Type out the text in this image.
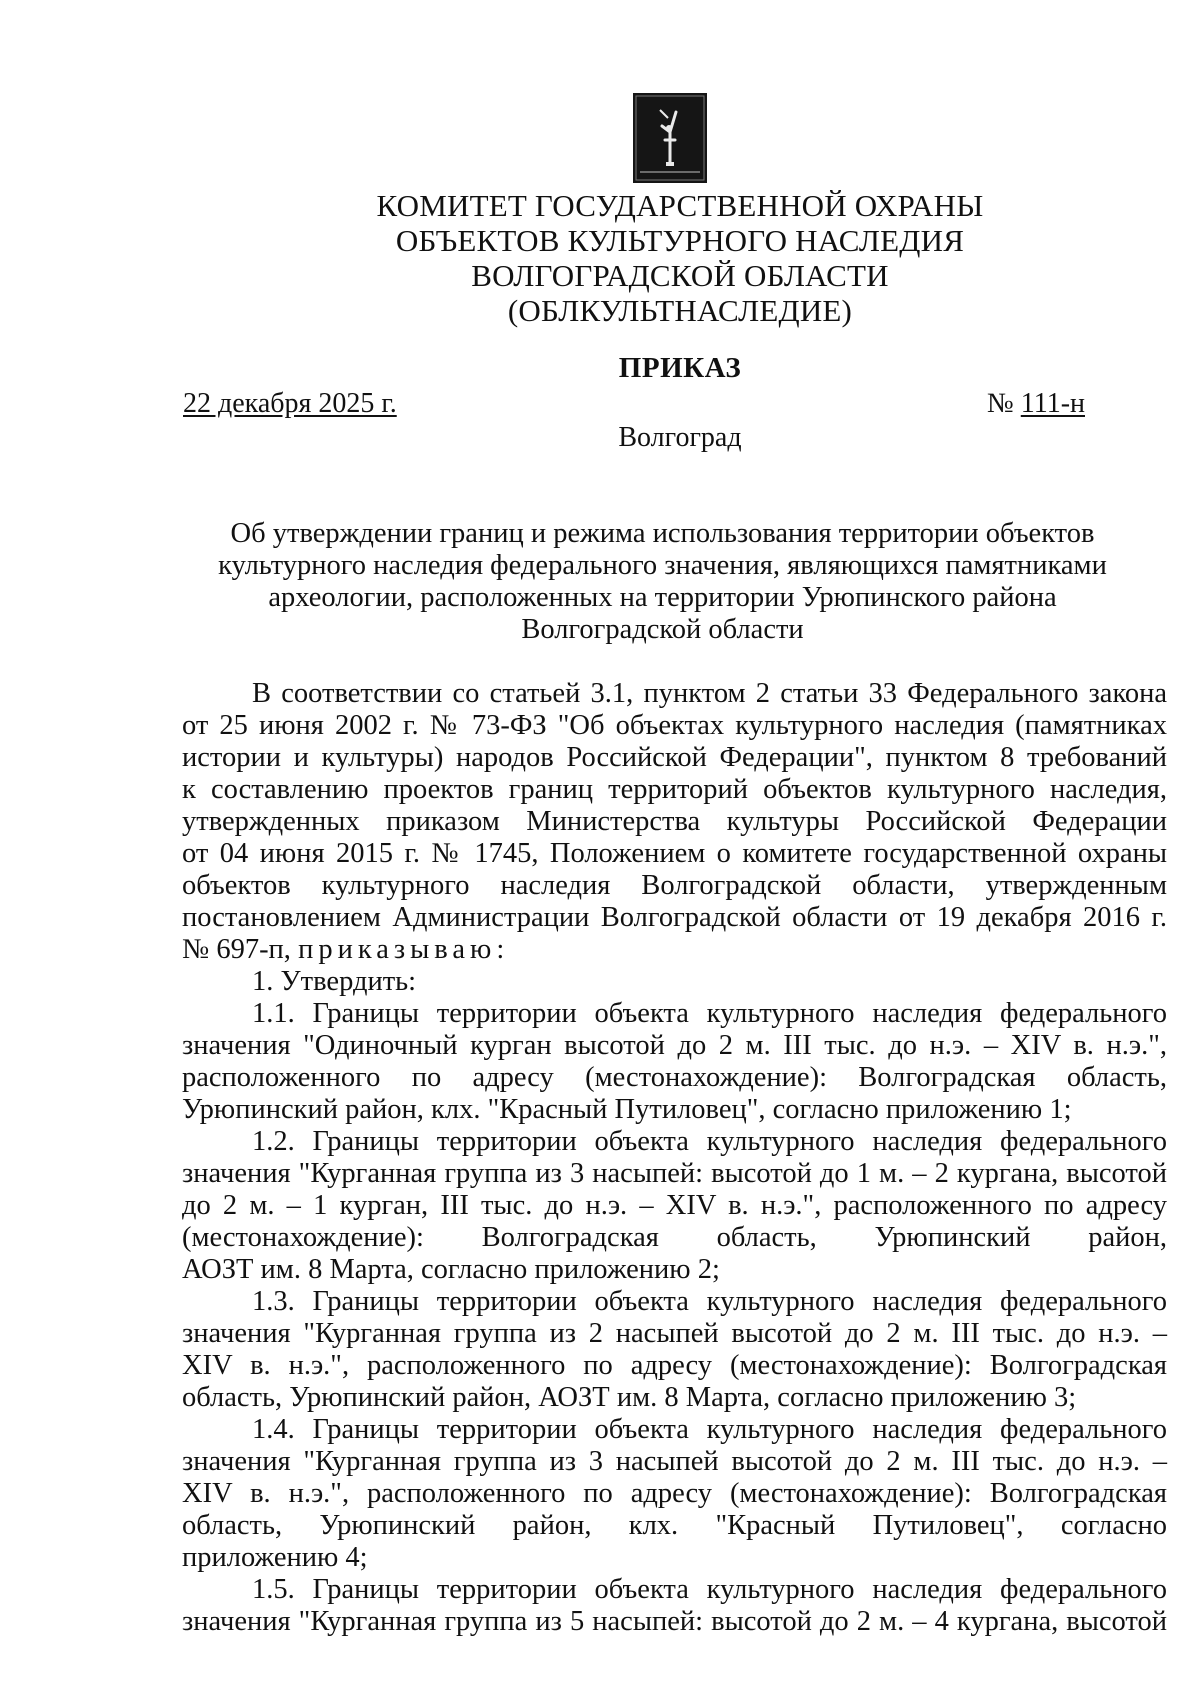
КОМИТЕТ ГОСУДАРСТВЕННОЙ ОХРАНЫ
ОБЪЕКТОВ КУЛЬТУРНОГО НАСЛЕДИЯ
ВОЛГОГРАДСКОЙ ОБЛАСТИ
(ОБЛКУЛЬТНАСЛЕДИЕ)
ПРИКАЗ
22 декабря 2025 г.	№ 111-н
Волгоград
Об утверждении границ и режима использования территории объектов
культурного наследия федерального значения, являющихся памятниками
археологии, расположенных на территории Урюпинского района
Волгоградской области
В соответствии со статьей 3.1, пунктом 2 статьи 33 Федерального закона
от 25 июня 2002 г. № 73-ФЗ "Об объектах культурного наследия (памятниках
истории и культуры) народов Российской Федерации", пунктом 8 требований
к составлению проектов границ территорий объектов культурного наследия,
утвержденных приказом Министерства культуры Российской Федерации
от 04 июня 2015 г. № 1745, Положением о комитете государственной охраны
объектов культурного наследия Волгоградской области, утвержденным
постановлением Администрации Волгоградской области от 19 декабря 2016 г.
№ 697-п, приказываю:
1. Утвердить:
1.1. Границы территории объекта культурного наследия федерального
значения "Одиночный курган высотой до 2 м. III тыс. до н.э. – XIV в. н.э.",
расположенного по адресу (местонахождение): Волгоградская область,
Урюпинский район, клх. "Красный Путиловец", согласно приложению 1;
1.2. Границы территории объекта культурного наследия федерального
значения "Курганная группа из 3 насыпей: высотой до 1 м. – 2 кургана, высотой
до 2 м. – 1 курган, III тыс. до н.э. – XIV в. н.э.", расположенного по адресу
(местонахождение): Волгоградская область, Урюпинский район,
АОЗТ им. 8 Марта, согласно приложению 2;
1.3. Границы территории объекта культурного наследия федерального
значения "Курганная группа из 2 насыпей высотой до 2 м. III тыс. до н.э. –
XIV в. н.э.", расположенного по адресу (местонахождение): Волгоградская
область, Урюпинский район, АОЗТ им. 8 Марта, согласно приложению 3;
1.4. Границы территории объекта культурного наследия федерального
значения "Курганная группа из 3 насыпей высотой до 2 м. III тыс. до н.э. –
XIV в. н.э.", расположенного по адресу (местонахождение): Волгоградская
область, Урюпинский район, клх. "Красный Путиловец", согласно
приложению 4;
1.5. Границы территории объекта культурного наследия федерального
значения "Курганная группа из 5 насыпей: высотой до 2 м. – 4 кургана, высотой
